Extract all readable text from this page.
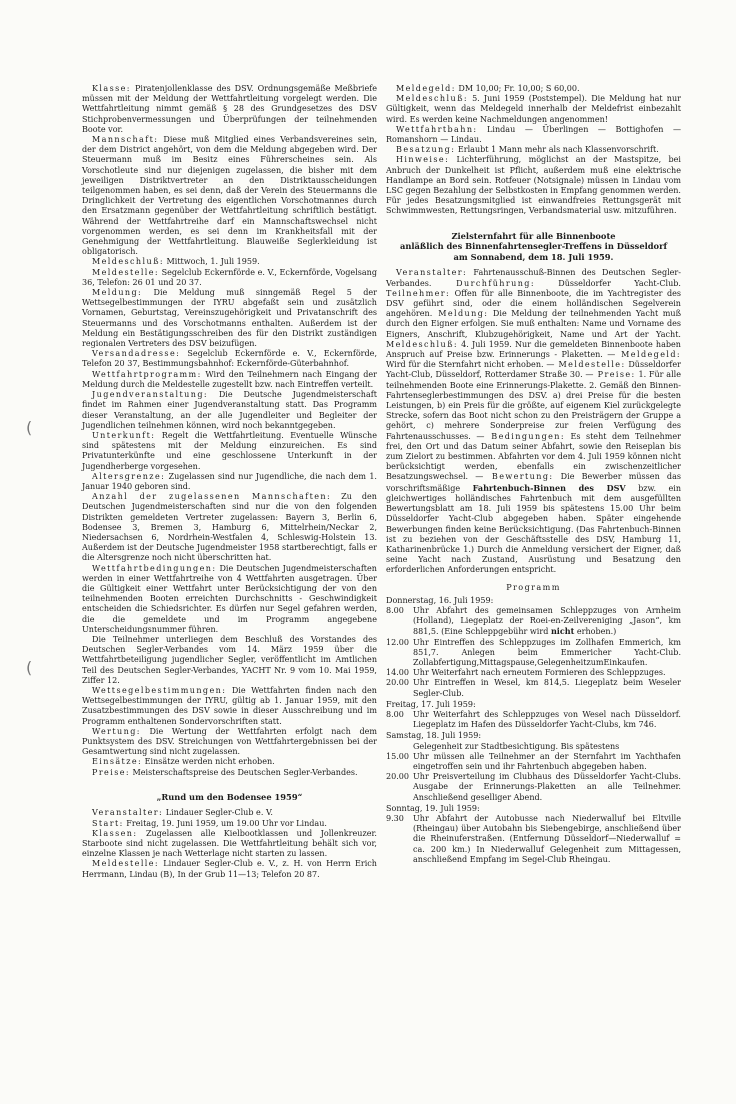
(
(

Klasse: Piratenjollenklasse des DSV. Ordnungsgemäße Meßbriefe müssen mit der Meldung der Wettfahrtleitung vorgelegt werden. Die Wettfahrtleitung nimmt gemäß § 28 des Grundgesetzes des DSV Stichprobenvermessungen und Überprüfungen der teilnehmenden Boote vor.

Mannschaft: Diese muß Mitglied eines Verbandsvereines sein, der dem District angehört, von dem die Meldung abgegeben wird. Der Steuermann muß im Besitz eines Führerscheines sein. Als Vorschotleute sind nur diejenigen zugelassen, die bisher mit dem jeweiligen Distriktvertreter an den Distriktausscheidungen teilgenommen haben, es sei denn, daß der Verein des Steuermanns die Dringlichkeit der Vertretung des eigentlichen Vorschotmannes durch den Ersatzmann gegenüber der Wettfahrtleitung schriftlich bestätigt. Während der Wettfahrtreihe darf ein Mannschaftswechsel nicht vorgenommen werden, es sei denn im Krankheitsfall mit der Genehmigung der Wettfahrtleitung. Blauweiße Seglerkleidung ist obligatorisch.

Meldeschluß: Mittwoch, 1. Juli 1959.

Meldestelle: Segelclub Eckernförde e. V., Eckernförde, Vogelsang 36, Telefon: 26 01 und 20 37.

Meldung: Die Meldung muß sinngemäß Regel 5 der Wettsegelbestimmungen der IYRU abgefaßt sein und zusätzlich Vornamen, Geburtstag, Vereinszugehörigkeit und Privatanschrift des Steuermanns und des Vorschotmanns enthalten. Außerdem ist der Meldung ein Bestätigungsschreiben des für den Distrikt zuständigen regionalen Vertreters des DSV beizufügen.

Versandadresse: Segelclub Eckernförde e. V., Eckernförde, Telefon 20 37, Bestimmungsbahnhof: Eckernförde-Güterbahnhof.

Wettfahrtprogramm: Wird den Teilnehmern nach Eingang der Meldung durch die Meldestelle zugestellt bzw. nach Eintreffen verteilt.

Jugendveranstaltung: Die Deutsche Jugendmeisterschaft findet im Rahmen einer Jugendveranstaltung statt. Das Programm dieser Veranstaltung, an der alle Jugendleiter und Begleiter der Jugendlichen teilnehmen können, wird noch bekanntgegeben.

Unterkunft: Regelt die Wettfahrtleitung. Eventuelle Wünsche sind spätestens mit der Meldung einzureichen. Es sind Privatunterkünfte und eine geschlossene Unterkunft in der Jugendherberge vorgesehen.

Altersgrenze: Zugelassen sind nur Jugendliche, die nach dem 1. Januar 1940 geboren sind.

Anzahl der zugelassenen Mannschaften: Zu den Deutschen Jugendmeisterschaften sind nur die von den folgenden Distrikten gemeldeten Vertreter zugelassen: Bayern 3, Berlin 6, Bodensee 3, Bremen 3, Hamburg 6, Mittelrhein/Neckar 2, Niedersachsen 6, Nordrhein-Westfalen 4, Schleswig-Holstein 13. Außerdem ist der Deutsche Jugendmeister 1958 startberechtigt, falls er die Altersgrenze noch nicht überschritten hat.

Wettfahrtbedingungen: Die Deutschen Jugendmeisterschaften werden in einer Wettfahrtreihe von 4 Wettfahrten ausgetragen. Über die Gültigkeit einer Wettfahrt unter Berücksichtigung der von den teilnehmenden Booten erreichten Durchschnitts - Geschwindigkeit entscheiden die Schiedsrichter. Es dürfen nur Segel gefahren werden, die die gemeldete und im Programm angegebene Unterscheidungsnummer führen.

Die Teilnehmer unterliegen dem Beschluß des Vorstandes des Deutschen Segler-Verbandes vom 14. März 1959 über die Wettfahrtbeteiligung jugendlicher Segler, veröffentlicht im Amtlichen Teil des Deutschen Segler-Verbandes, YACHT Nr. 9 vom 10. Mai 1959, Ziffer 12.

Wettsegelbestimmungen: Die Wettfahrten finden nach den Wettsegelbestimmungen der IYRU, gültig ab 1. Januar 1959, mit den Zusatzbestimmungen des DSV sowie in dieser Ausschreibung und im Programm enthaltenen Sondervorschriften statt.

Wertung: Die Wertung der Wettfahrten erfolgt nach dem Punktsystem des DSV. Streichungen von Wettfahrtergebnissen bei der Gesamtwertung sind nicht zugelassen.

Einsätze: Einsätze werden nicht erhoben.

Preise: Meisterschaftspreise des Deutschen Segler-Verbandes.

„Rund um den Bodensee 1959“

Veranstalter: Lindauer Segler-Club e. V.

Start: Freitag, 19. Juni 1959, um 19.00 Uhr vor Lindau.

Klassen: Zugelassen alle Kielbootklassen und Jollenkreuzer. Starboote sind nicht zugelassen. Die Wettfahrtleitung behält sich vor, einzelne Klassen je nach Wetterlage nicht starten zu lassen.

Meldestelle: Lindauer Segler-Club e. V., z. H. von Herrn Erich Herrmann, Lindau (B), In der Grub 11—13; Telefon 20 87.

Meldegeld: DM 10,00; Fr. 10,00; S 60,00.

Meldeschluß: 5. Juni 1959 (Poststempel). Die Meldung hat nur Gültigkeit, wenn das Meldegeld innerhalb der Meldefrist einbezahlt wird. Es werden keine Nachmeldungen angenommen!

Wettfahrtbahn: Lindau — Überlingen — Bottighofen — Romanshorn — Lindau.

Besatzung: Erlaubt 1 Mann mehr als nach Klassenvorschrift.

Hinweise: Lichterführung, möglichst an der Mastspitze, bei Anbruch der Dunkelheit ist Pflicht, außerdem muß eine elektrische Handlampe an Bord sein. Rotfeuer (Notsignale) müssen in Lindau vom LSC gegen Bezahlung der Selbstkosten in Empfang genommen werden. Für jedes Besatzungsmitglied ist einwandfreies Rettungsgerät mit Schwimmwesten, Rettungsringen, Verbandsmaterial usw. mitzuführen.

Zielsternfahrt für alle Binnenboote
anläßlich des Binnenfahrtensegler-Treffens in Düsseldorf
am Sonnabend, dem 18. Juli 1959.

Veranstalter: Fahrtenausschuß-Binnen des Deutschen Segler-Verbandes. Durchführung: Düsseldorfer Yacht-Club. Teilnehmer: Offen für alle Binnenboote, die im Yachtregister des DSV geführt sind, oder die einem holländischen Segelverein angehören. Meldung: Die Meldung der teilnehmenden Yacht muß durch den Eigner erfolgen. Sie muß enthalten: Name und Vorname des Eigners, Anschrift, Klubzugehörigkeit, Name und Art der Yacht. Meldeschluß: 4. Juli 1959. Nur die gemeldeten Binnenboote haben Anspruch auf Preise bzw. Erinnerungs - Plaketten. — Meldegeld: Wird für die Sternfahrt nicht erhoben. — Meldestelle: Düsseldorfer Yacht-Club, Düsseldorf, Rotterdamer Straße 30. — Preise: 1. Für alle teilnehmenden Boote eine Erinnerungs-Plakette. 2. Gemäß den Binnen-Fahrtenseglerbestimmungen des DSV. a) drei Preise für die besten Leistungen, b) ein Preis für die größte, auf eigenem Kiel zurückgelegte Strecke, sofern das Boot nicht schon zu den Preisträgern der Gruppe a gehört, c) mehrere Sonderpreise zur freien Verfügung des Fahrtenausschusses. — Bedingungen: Es steht dem Teilnehmer frei, den Ort und das Datum seiner Abfahrt, sowie den Reiseplan bis zum Zielort zu bestimmen. Abfahrten vor dem 4. Juli 1959 können nicht berücksichtigt werden, ebenfalls ein zwischenzeitlicher Besatzungswechsel. — Bewertung: Die Bewerber müssen das vorschriftsmäßige Fahrtenbuch-Binnen des DSV bzw. ein gleichwertiges holländisches Fahrtenbuch mit dem ausgefüllten Bewertungsblatt am 18. Juli 1959 bis spätestens 15.00 Uhr beim Düsseldorfer Yacht-Club abgegeben haben. Später eingehende Bewerbungen finden keine Berücksichtigung. (Das Fahrtenbuch-Binnen ist zu beziehen von der Geschäftsstelle des DSV, Hamburg 11, Katharinenbrücke 1.) Durch die Anmeldung versichert der Eigner, daß seine Yacht nach Zustand, Ausrüstung und Besatzung den erforderlichen Anforderungen entspricht.

Programm

Donnerstag, 16. Juli 1959:

8.00	Uhr Abfahrt des gemeinsamen Schleppzuges von Arnheim (Holland), Liegeplatz der Roei-en-Zeilvereniging „Jason“, km 881,5. (Eine Schleppgebühr wird nicht erhoben.)
12.00 Uhr Eintreffen des Schleppzuges im Zollhafen Emmerich, km 851,7. Anlegen beim Emmericher Yacht-Club. Zollabfertigung,Mittagspause,GelegenheitzumEinkaufen.
14.00 Uhr Weiterfahrt nach erneutem Formieren des Schleppzuges.
20.00 Uhr Eintreffen in Wesel, km 814,5. Liegeplatz beim Weseler Segler-Club.

Freitag, 17. Juli 1959:

8.00	Uhr Weiterfahrt des Schleppzuges von Wesel nach Düsseldorf. Liegeplatz im Hafen des Düsseldorfer Yacht-Clubs, km 746.

Samstag, 18. Juli 1959:

Gelegenheit zur Stadtbesichtigung. Bis spätestens
15.00 Uhr müssen alle Teilnehmer an der Sternfahrt im Yachthafen eingetroffen sein und ihr Fahrtenbuch abgegeben haben.
20.00 Uhr Preisverteilung im Clubhaus des Düsseldorfer Yacht-Clubs. Ausgabe der Erinnerungs-Plaketten an alle Teilnehmer. Anschließend geselliger Abend.

Sonntag, 19. Juli 1959:

9.30	Uhr Abfahrt der Autobusse nach Niederwalluf bei Eltville (Rheingau) über Autobahn bis Siebengebirge, anschließend über die Rheinuferstraßen. (Entfernung Düsseldorf—Niederwalluf = ca. 200 km.) In Niederwalluf Gelegenheit zum Mittagessen, anschließend Empfang im Segel-Club Rheingau.
